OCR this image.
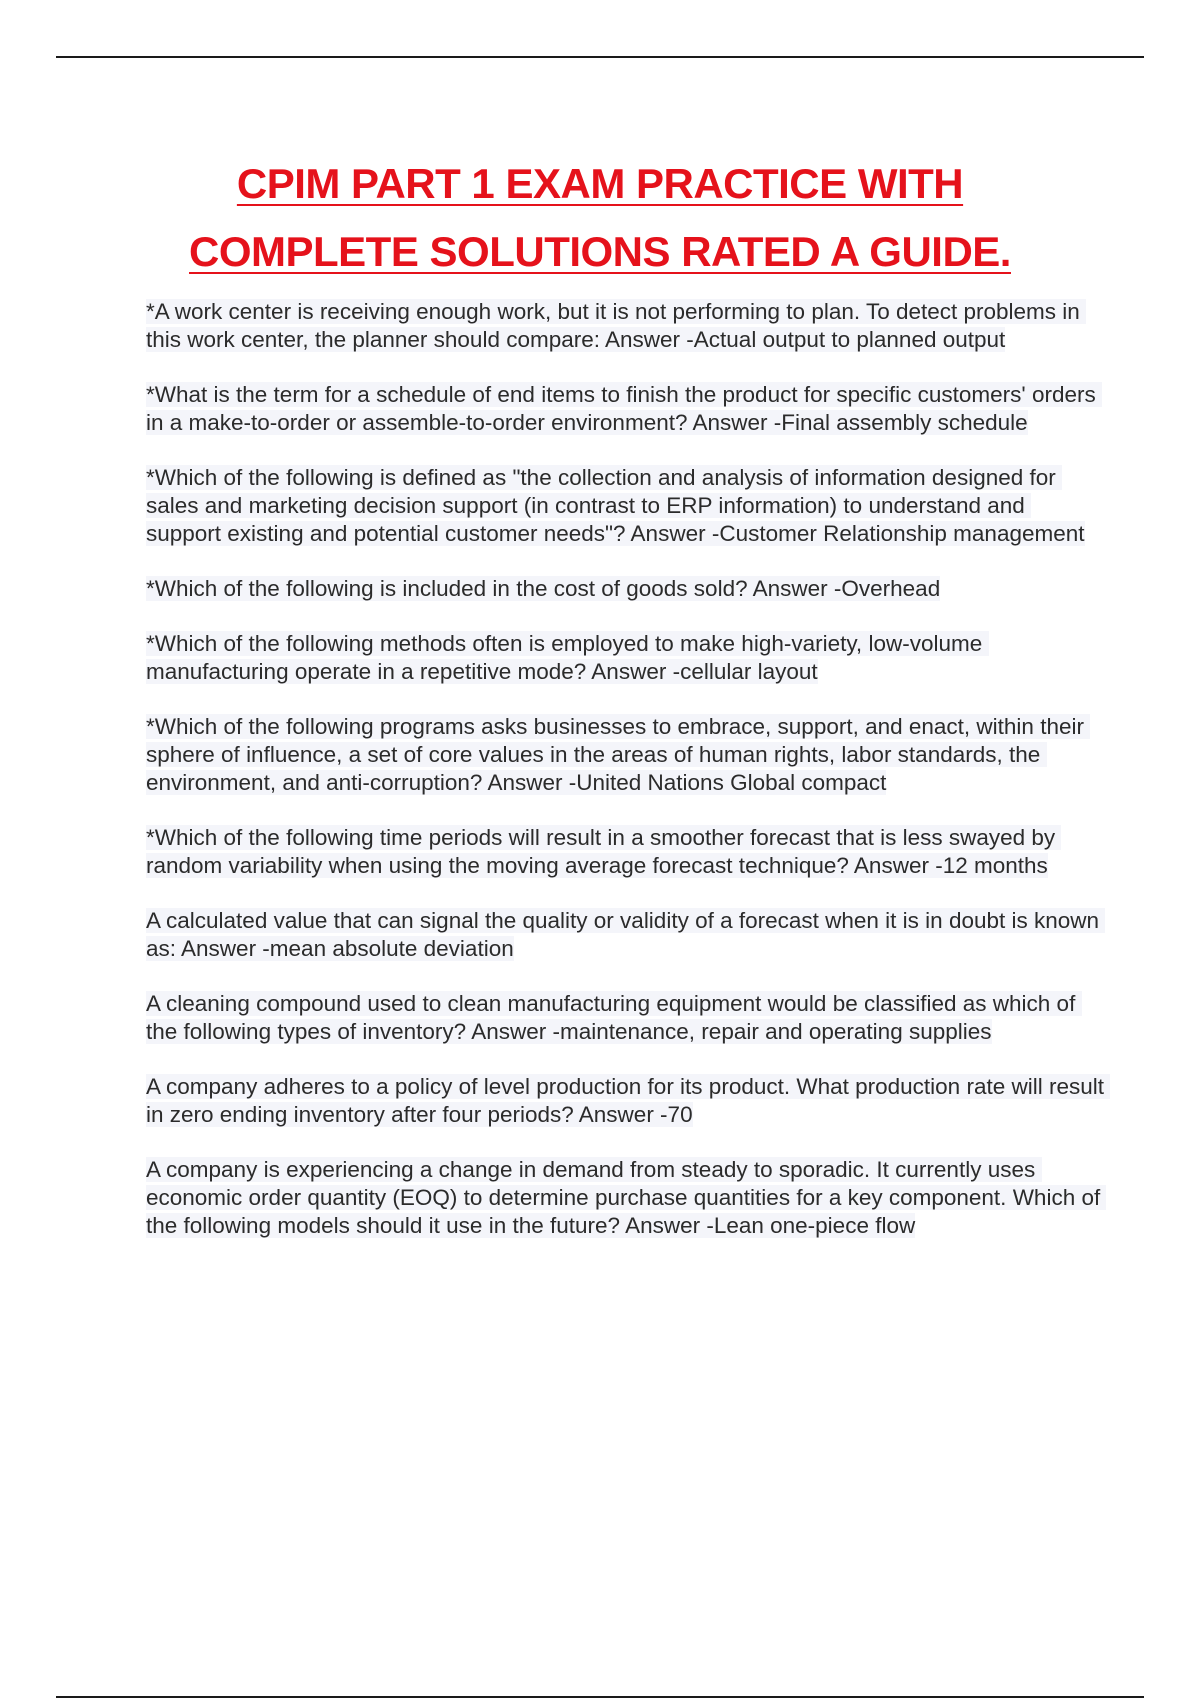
CPIM PART 1 EXAM PRACTICE WITH
COMPLETE SOLUTIONS RATED A GUIDE.
*A work center is receiving enough work, but it is not performing to plan. To detect problems in this work center, the planner should compare: Answer -Actual output to planned output
*What is the term for a schedule of end items to finish the product for specific customers' orders in a make-to-order or assemble-to-order environment? Answer -Final assembly schedule
*Which of the following is defined as "the collection and analysis of information designed for sales and marketing decision support (in contrast to ERP information) to understand and support existing and potential customer needs"? Answer -Customer Relationship management
*Which of the following is included in the cost of goods sold? Answer -Overhead
*Which of the following methods often is employed to make high-variety, low-volume manufacturing operate in a repetitive mode? Answer -cellular layout
*Which of the following programs asks businesses to embrace, support, and enact, within their sphere of influence, a set of core values in the areas of human rights, labor standards, the environment, and anti-corruption? Answer -United Nations Global compact
*Which of the following time periods will result in a smoother forecast that is less swayed by random variability when using the moving average forecast technique? Answer -12 months
A calculated value that can signal the quality or validity of a forecast when it is in doubt is known as: Answer -mean absolute deviation
A cleaning compound used to clean manufacturing equipment would be classified as which of the following types of inventory? Answer -maintenance, repair and operating supplies
A company adheres to a policy of level production for its product. What production rate will result in zero ending inventory after four periods? Answer -70
A company is experiencing a change in demand from steady to sporadic. It currently uses economic order quantity (EOQ) to determine purchase quantities for a key component. Which of the following models should it use in the future? Answer -Lean one-piece flow
